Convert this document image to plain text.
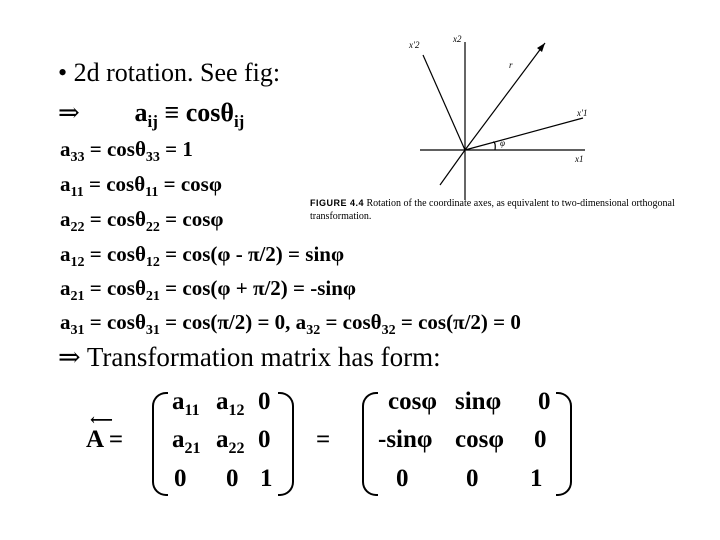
• 2d rotation. See fig:
⇒ $a_{ij} \equiv \cos\theta_{ij}$
$a_{33} = \cos\theta_{33} = 1$
$a_{11} = \cos\theta_{11} = \cos\varphi$
$a_{22} = \cos\theta_{22} = \cos\varphi$
$a_{12} = \cos\theta_{12} = \cos(\varphi - \pi/2) = \sin\varphi$
$a_{21} = \cos\theta_{21} = \cos(\varphi + \pi/2) = -\sin\varphi$
$a_{31} = \cos\theta_{31} = \cos(\pi/2) = 0$, $a_{32} = \cos\theta_{32} = \cos(\pi/2) = 0$
⇒ Transformation matrix has form:
⟵
A =
$a_{11}$ $a_{12}$ 0
$a_{21}$ $a_{22}$ 0
0 0 1
=
cosφ sinφ 0
-sinφ cosφ 0
0 0 1
x′2
x2
r
x′1
φ
x1
FIGURE 4.4 Rotation of the coordinate axes, as equivalent to two-dimensional orthogonal transformation.
